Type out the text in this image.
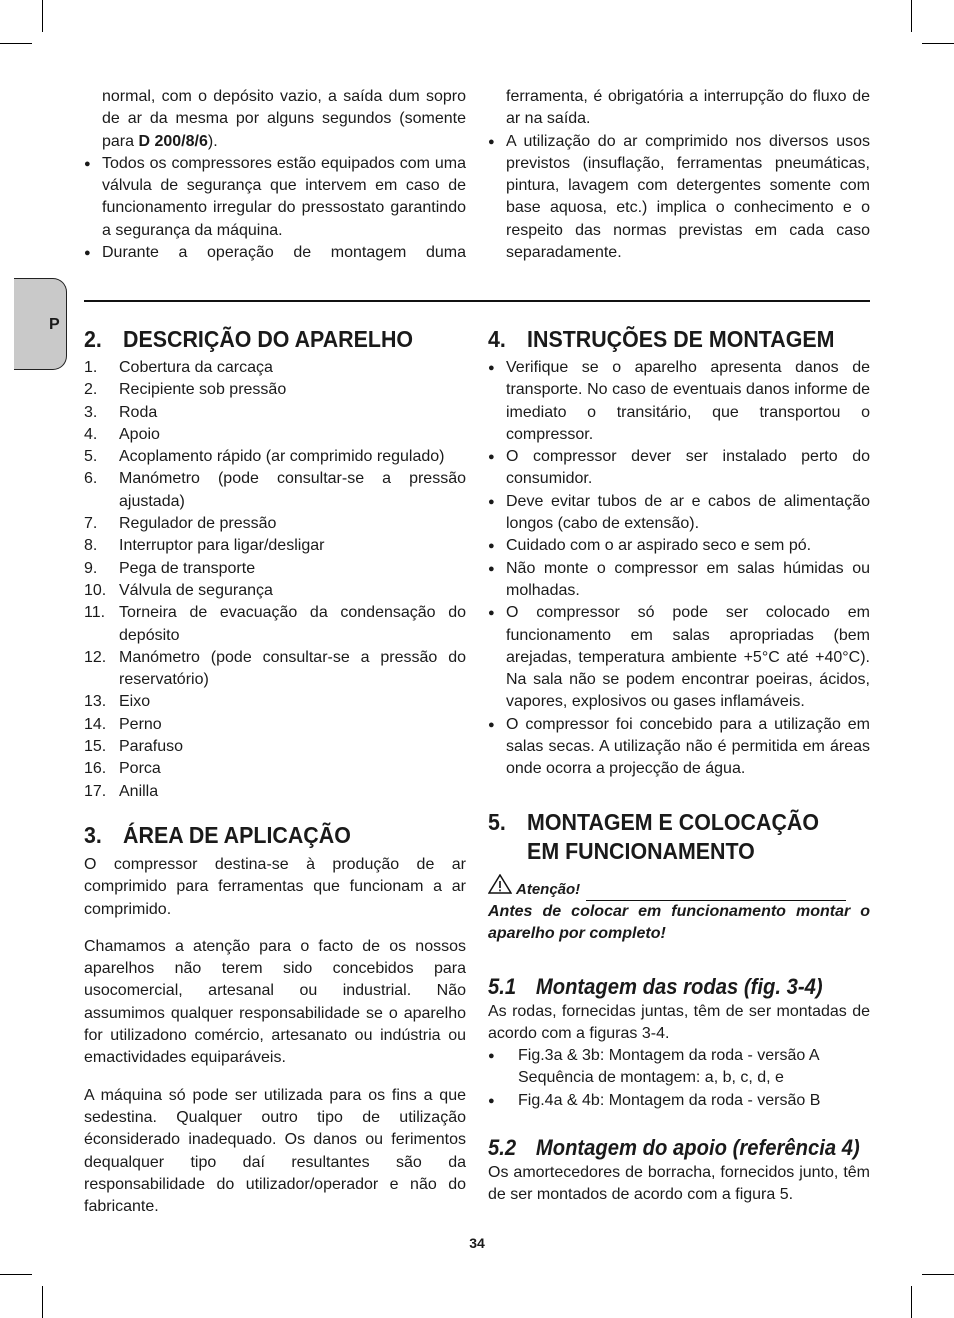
P

normal, com o depósito vazio, a saída dum sopro de ar da mesma por alguns segundos (somente para D 200/8/6).

● Todos os compressores estão equipados com uma válvula de segurança que intervem em caso de funcionamento irregular do pressostato garantindo a segurança da máquina.

● Durante a operação de montagem duma

ferramenta, é obrigatória a interrupção do fluxo de ar na saída.

● A utilização do ar comprimido nos diversos usos previstos (insuflação, ferramentas pneumáticas, pintura, lavagem com detergentes somente com base aquosa, etc.) implica o conhecimento e o respeito das normas previstas em cada caso separadamente.

2. DESCRIÇÃO DO APARELHO

1. Cobertura da carcaça

2. Recipiente sob pressão

3. Roda

4. Apoio

5. Acoplamento rápido (ar comprimido regulado)

6. Manómetro (pode consultar-se a pressão ajustada)

7. Regulador de pressão

8. Interruptor para ligar/desligar

9. Pega de transporte

10. Válvula de segurança

11. Torneira de evacuação da condensação do depósito

12. Manómetro (pode consultar-se a pressão do reservatório)

13. Eixo

14. Perno

15. Parafuso

16. Porca

17. Anilla

3. ÁREA DE APLICAÇÃO

O compressor destina-se à produção de ar comprimido para ferramentas que funcionam a ar comprimido.

Chamamos a atenção para o facto de os nossos aparelhos não terem sido concebidos para usocomercial, artesanal ou industrial. Não assumimos qualquer responsabilidade se o aparelho for utilizadono comércio, artesanato ou indústria ou emactividades equiparáveis.

A máquina só pode ser utilizada para os fins a que sedestina. Qualquer outro tipo de utilização éconsiderado inadequado. Os danos ou ferimentos dequalquer tipo daí resultantes são da responsabilidade do utilizador/operador e não do fabricante.

4. INSTRUÇÕES DE MONTAGEM

● Verifique se o aparelho apresenta danos de transporte. No caso de eventuais danos informe de imediato o transitário, que transportou o compressor.

● O compressor dever ser instalado perto do consumidor.

● Deve evitar tubos de ar e cabos de alimentação longos (cabo de extensão).

● Cuidado com o ar aspirado seco e sem pó.

● Não monte o compressor em salas húmidas ou molhadas.

● O compressor só pode ser colocado em funcionamento em salas apropriadas (bem arejadas, temperatura ambiente +5°C até +40°C). Na sala não se podem encontrar poeiras, ácidos, vapores, explosivos ou gases inflamáveis.

● O compressor foi concebido para a utilização em salas secas. A utilização não é permitida em áreas onde ocorra a projecção de água.

5. MONTAGEM E COLOCAÇÃO EM FUNCIONAMENTO
Atenção!

Antes de colocar em funcionamento montar o aparelho por completo!

5.1 Montagem das rodas (fig. 3-4)

As rodas, fornecidas juntas, têm de ser montadas de acordo com a figuras 3-4.

● Fig.3a & 3b: Montagem da roda - versão A Sequência de montagem: a, b, c, d, e

● Fig.4a & 4b: Montagem da roda - versão B

5.2 Montagem do apoio (referência 4)

Os amortecedores de borracha, fornecidos junto, têm de ser montados de acordo com a figura 5.

34
